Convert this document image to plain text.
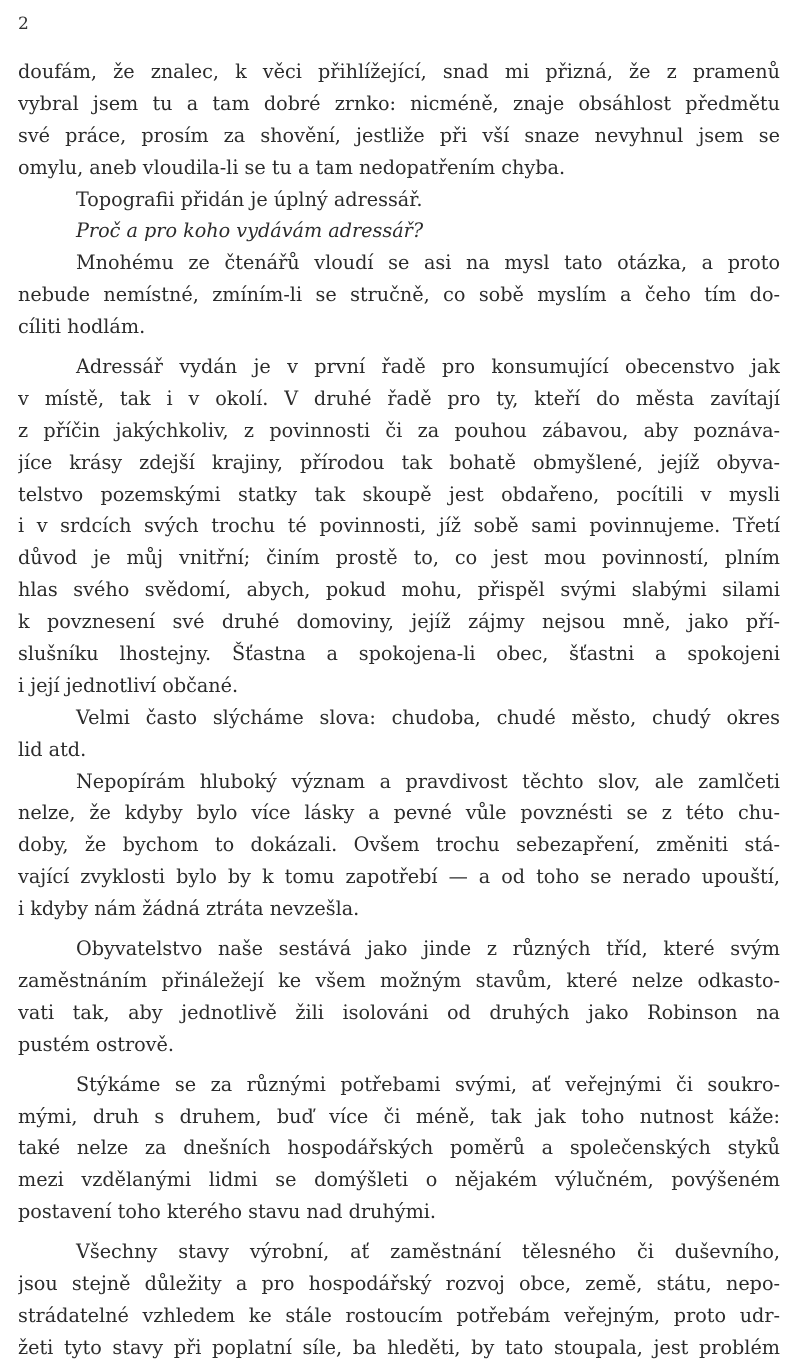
2
doufám, že znalec, k věci přihlížející, snad mi přizná, že z pramenů
vybral jsem tu a tam dobré zrnko: nicméně, znaje obsáhlost předmětu
své práce, prosím za shovění, jestliže při vší snaze nevyhnul jsem se
omylu, aneb vloudila-li se tu a tam nedopatřením chyba.
Topografii přidán je úplný adressář.
Proč a pro koho vydávám adressář?
Mnohému ze čtenářů vloudí se asi na mysl tato otázka, a proto
nebude nemístné, zmíním-li se stručně, co sobě myslím a čeho tím do-
cíliti hodlám.
Adressář vydán je v první řadě pro konsumující obecenstvo jak
v místě, tak i v okolí. V druhé řadě pro ty, kteří do města zavítají
z příčin jakýchkoliv, z povinnosti či za pouhou zábavou, aby poznáva-
jíce krásy zdejší krajiny, přírodou tak bohatě obmyšlené, jejíž obyva-
telstvo pozemskými statky tak skoupě jest obdařeno, pocítili v mysli
i v srdcích svých trochu té povinnosti, jíž sobě sami povinnujeme. Třetí
důvod je můj vnitřní; činím prostě to, co jest mou povinností, plním
hlas svého svědomí, abych, pokud mohu, přispěl svými slabými silami
k povznesení své druhé domoviny, jejíž zájmy nejsou mně, jako pří-
slušníku lhostejny. Šťastna a spokojena-li obec, šťastni a spokojeni
i její jednotliví občané.
Velmi často slýcháme slova: chudoba, chudé město, chudý okres
lid atd.
Nepopírám hluboký význam a pravdivost těchto slov, ale zamlčeti
nelze, že kdyby bylo více lásky a pevné vůle povznésti se z této chu-
doby, že bychom to dokázali. Ovšem trochu sebezapření, změniti stá-
vající zvyklosti bylo by k tomu zapotřebí — a od toho se nerado upouští,
i kdyby nám žádná ztráta nevzešla.
Obyvatelstvo naše sestává jako jinde z různých tříd, které svým
zaměstnáním přináležejí ke všem možným stavům, které nelze odkasto-
vati tak, aby jednotlivě žili isolováni od druhých jako Robinson na
pustém ostrově.
Stýkáme se za různými potřebami svými, ať veřejnými či soukro-
mými, druh s druhem, buď více či méně, tak jak toho nutnost káže:
také nelze za dnešních hospodářských poměrů a společenských styků
mezi vzdělanými lidmi se domýšleti o nějakém výlučném, povýšeném
postavení toho kterého stavu nad druhými.
Všechny stavy výrobní, ať zaměstnání tělesného či duševního,
jsou stejně důležity a pro hospodářský rozvoj obce, země, státu, nepo-
strádatelné vzhledem ke stále rostoucím potřebám veřejným, proto udr-
žeti tyto stavy při poplatní síle, ba hleděti, by tato stoupala, jest problém
